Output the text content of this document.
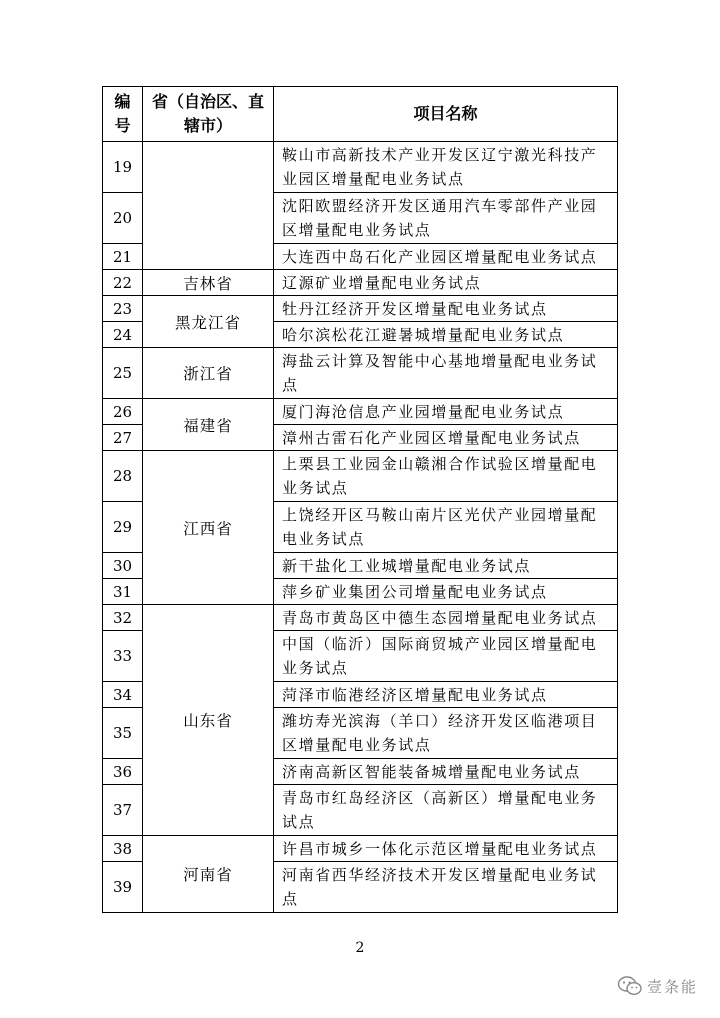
编号	省（自治区、直辖市）	项目名称
19		鞍山市高新技术产业开发区辽宁激光科技产业园区增量配电业务试点
20		沈阳欧盟经济开发区通用汽车零部件产业园区增量配电业务试点
21		大连西中岛石化产业园区增量配电业务试点
22	吉林省	辽源矿业增量配电业务试点
23	黑龙江省	牡丹江经济开发区增量配电业务试点
24		哈尔滨松花江避暑城增量配电业务试点
25	浙江省	海盐云计算及智能中心基地增量配电业务试点
26	福建省	厦门海沧信息产业园增量配电业务试点
27		漳州古雷石化产业园区增量配电业务试点
28	江西省	上栗县工业园金山赣湘合作试验区增量配电业务试点
29		上饶经开区马鞍山南片区光伏产业园增量配电业务试点
30		新干盐化工业城增量配电业务试点
31		萍乡矿业集团公司增量配电业务试点
32	山东省	青岛市黄岛区中德生态园增量配电业务试点
33		中国（临沂）国际商贸城产业园区增量配电业务试点
34		菏泽市临港经济区增量配电业务试点
35		潍坊寿光滨海（羊口）经济开发区临港项目区增量配电业务试点
36		济南高新区智能装备城增量配电业务试点
37		青岛市红岛经济区（高新区）增量配电业务试点
38	河南省	许昌市城乡一体化示范区增量配电业务试点
39		河南省西华经济技术开发区增量配电业务试点
2
壹条能
